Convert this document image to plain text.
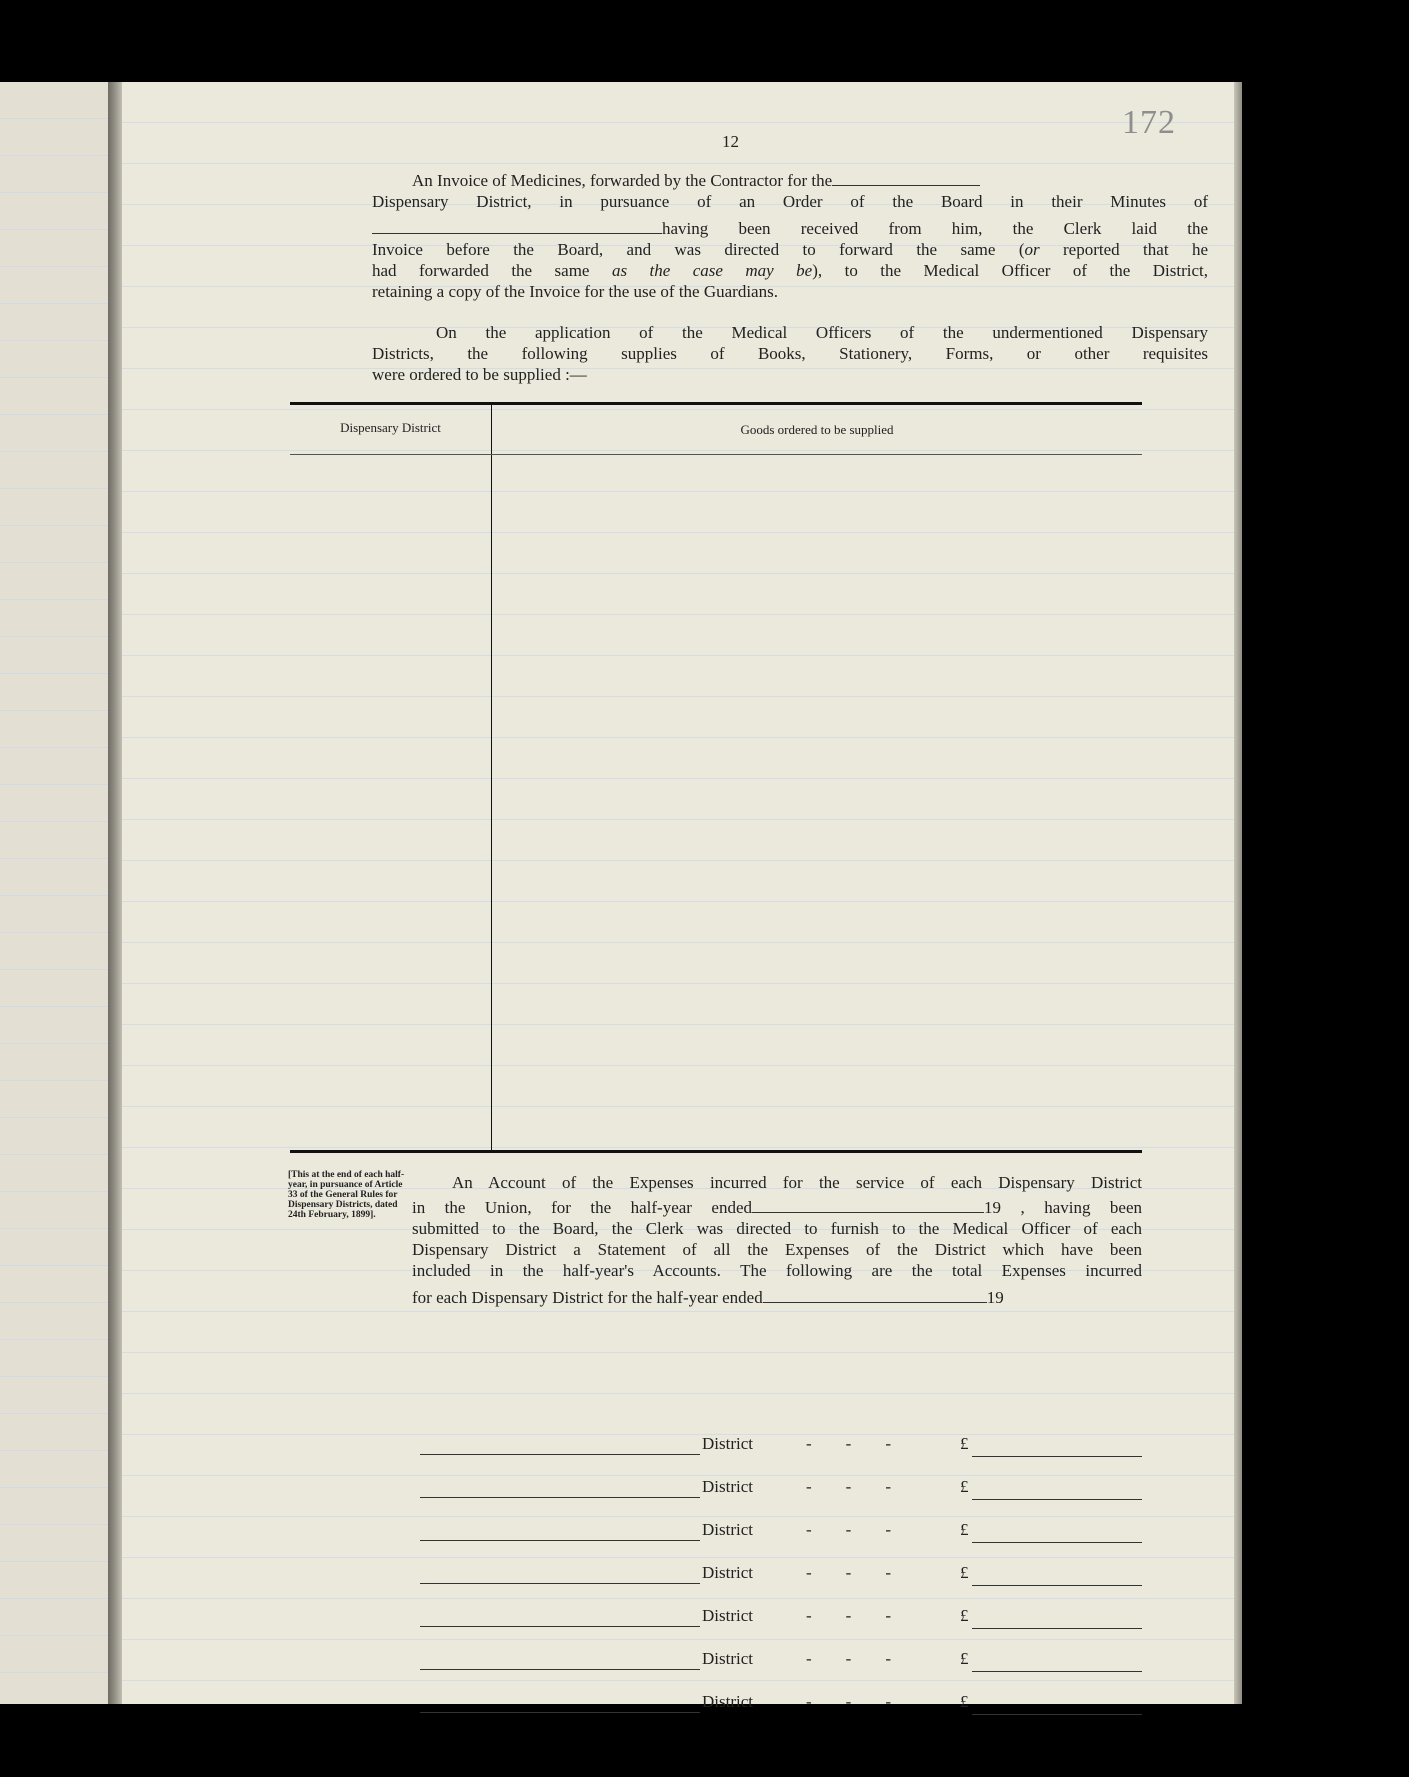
172
12
An Invoice of Medicines, forwarded by the Contractor for the
Dispensary District, in pursuance of an Order of the Board in their Minutes of
having been received from him, the Clerk laid the
Invoice before the Board, and was directed to forward the same (or reported that he
had forwarded the same as the case may be), to the Medical Officer of the District,
retaining a copy of the Invoice for the use of the Guardians.
On the application of the Medical Officers of the undermentioned Dispensary
Districts, the following supplies of Books, Stationery, Forms, or other requisites
were ordered to be supplied :—
Dispensary District	Goods ordered to be supplied
[This at the end of each half-year, in pursuance of Article 33 of the General Rules for Dispensary Districts, dated 24th February, 1899].
An Account of the Expenses incurred for the service of each Dispensary District
in the Union, for the half-year ended	19 , having been
submitted to the Board, the Clerk was directed to furnish to the Medical Officer of each
Dispensary District a Statement of all the Expenses of the District which have been
included in the half-year's Accounts. The following are the total Expenses incurred
for each Dispensary District for the half-year ended	19
District	-        -        -	£
District	-        -        -	£
District	-        -        -	£
District	-        -        -	£
District	-        -        -	£
District	-        -        -	£
District	-        -        -	£
